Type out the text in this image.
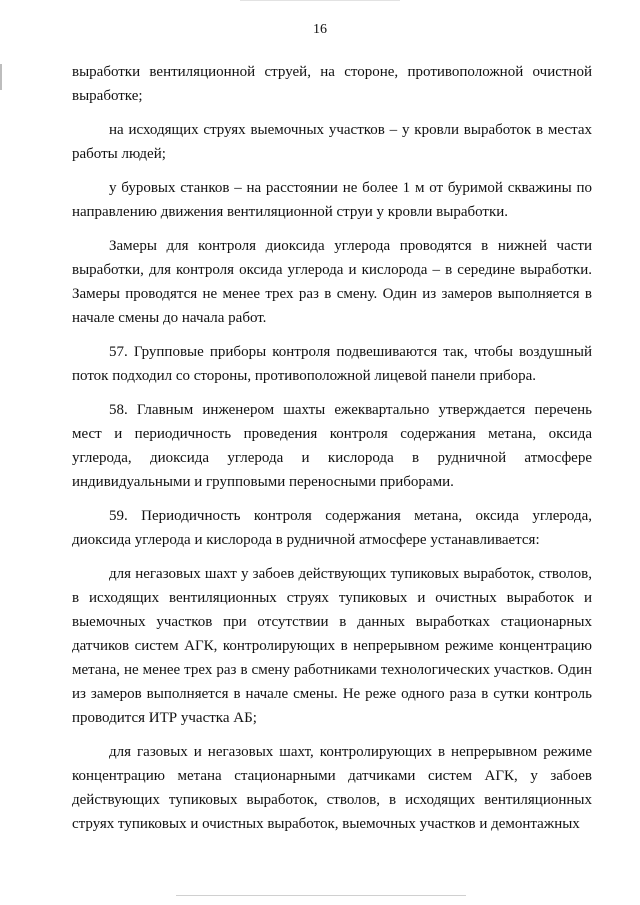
16

выработки вентиляционной струей, на стороне, противоположной очистной выработке;

на исходящих струях выемочных участков – у кровли выработок в местах работы людей;

у буровых станков – на расстоянии не более 1 м от буримой скважины по направлению движения вентиляционной струи у кровли выработки.

Замеры для контроля диоксида углерода проводятся в нижней части выработки, для контроля оксида углерода и кислорода – в середине выработки. Замеры проводятся не менее трех раз в смену. Один из замеров выполняется в начале смены до начала работ.

57. Групповые приборы контроля подвешиваются так, чтобы воздушный поток подходил со стороны, противоположной лицевой панели прибора.

58. Главным инженером шахты ежеквартально утверждается перечень мест и периодичность проведения контроля содержания метана, оксида углерода, диоксида углерода и кислорода в рудничной атмосфере индивидуальными и групповыми переносными приборами.

59. Периодичность контроля содержания метана, оксида углерода, диоксида углерода и кислорода в рудничной атмосфере устанавливается:

для негазовых шахт у забоев действующих тупиковых выработок, стволов, в исходящих вентиляционных струях тупиковых и очистных выработок и выемочных участков при отсутствии в данных выработках стационарных датчиков систем АГК, контролирующих в непрерывном режиме концентрацию метана, не менее трех раз в смену работниками технологических участков. Один из замеров выполняется в начале смены. Не реже одного раза в сутки контроль проводится ИТР участка АБ;

для газовых и негазовых шахт, контролирующих в непрерывном режиме концентрацию метана стационарными датчиками систем АГК, у забоев действующих тупиковых выработок, стволов, в исходящих вентиляционных струях тупиковых и очистных выработок, выемочных участков и демонтажных
